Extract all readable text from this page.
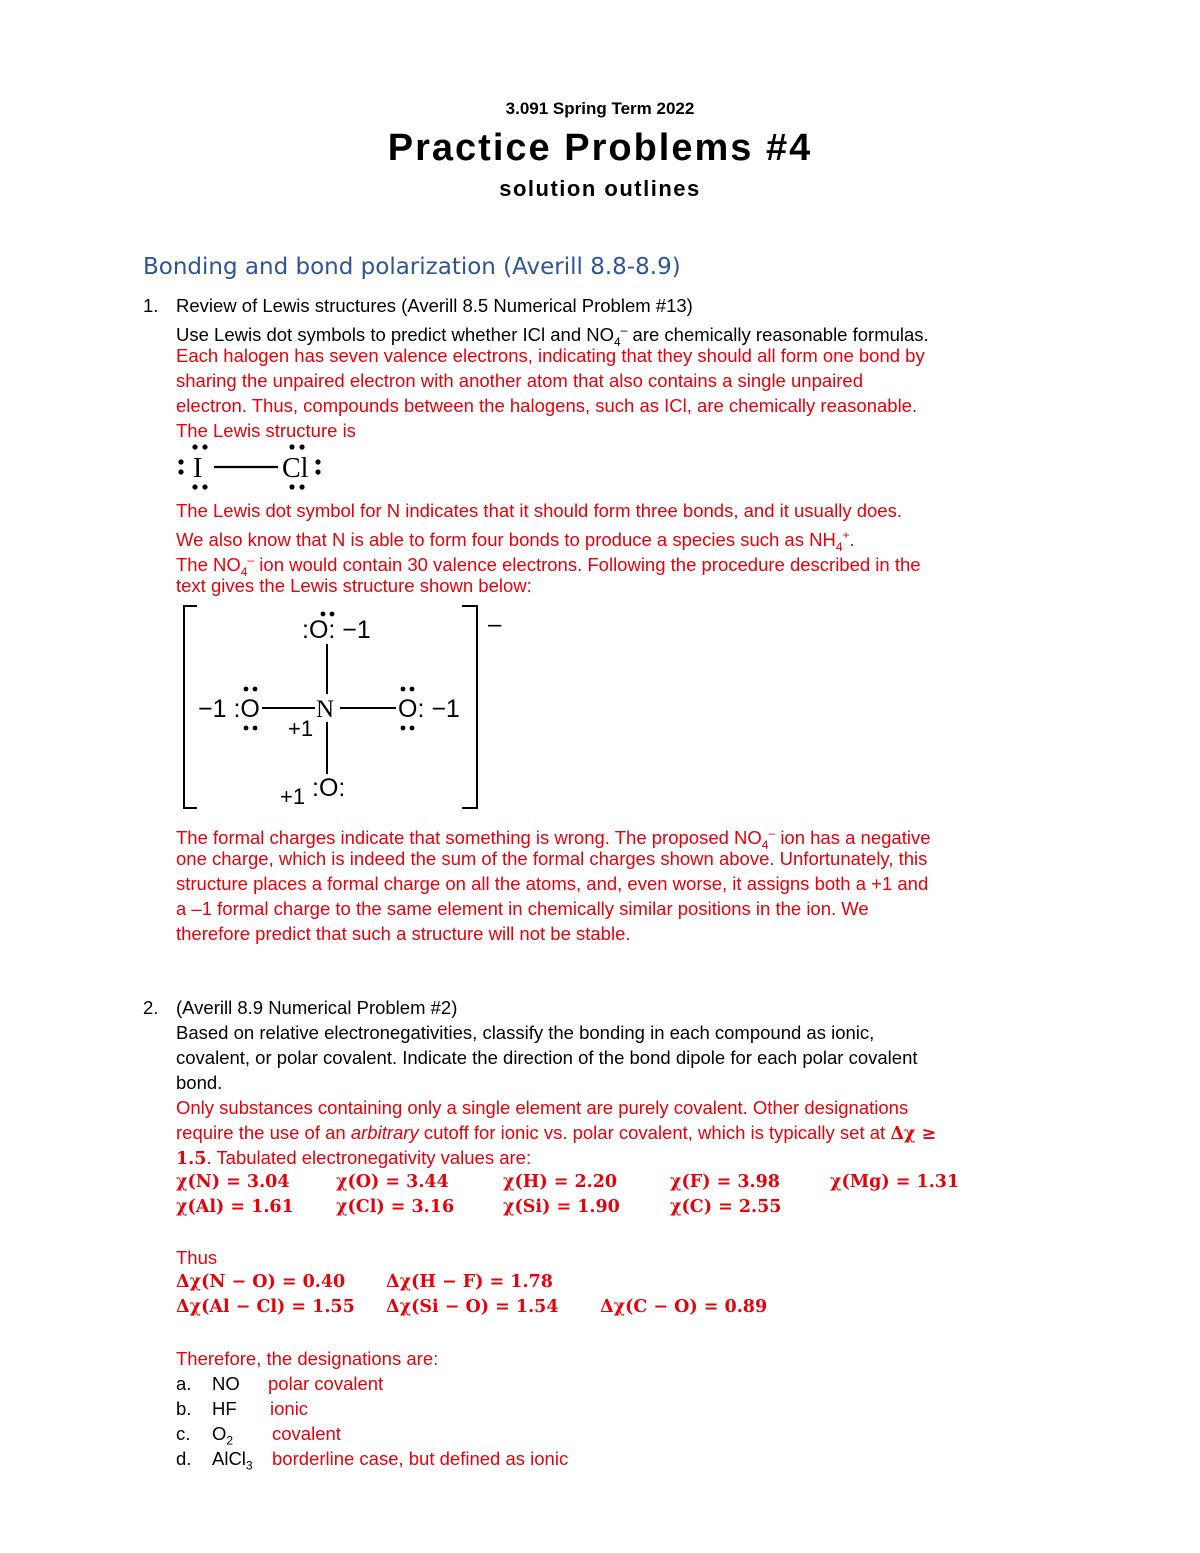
3.091 Spring Term 2022
Practice Problems #4
solution outlines
Bonding and bond polarization (Averill 8.8-8.9)
1. Review of Lewis structures (Averill 8.5 Numerical Problem #13)
Use Lewis dot symbols to predict whether ICl and $NO_4^-$ are chemically reasonable formulas.
Each halogen has seven valence electrons, indicating that they should all form one bond by
sharing the unpaired electron with another atom that also contains a single unpaired
electron. Thus, compounds between the halogens, such as ICl, are chemically reasonable.
The Lewis structure is
I	Cl
The Lewis dot symbol for N indicates that it should form three bonds, and it usually does.
We also know that N is able to form four bonds to produce a species such as $NH_4^+$.
The $NO_4^-$ ion would contain 30 valence electrons. Following the procedure described in the
text gives the Lewis structure shown below:
–
:O: −1
−1 :O N	O: −1
+1
+1 :O:
The formal charges indicate that something is wrong. The proposed $NO_4^-$ ion has a negative
one charge, which is indeed the sum of the formal charges shown above. Unfortunately, this
structure places a formal charge on all the atoms, and, even worse, it assigns both a +1 and
a –1 formal charge to the same element in chemically similar positions in the ion. We
therefore predict that such a structure will not be stable.
2. (Averill 8.9 Numerical Problem #2)
Based on relative electronegativities, classify the bonding in each compound as ionic,
covalent, or polar covalent. Indicate the direction of the bond dipole for each polar covalent
bond.
Only substances containing only a single element are purely covalent. Other designations
require the use of an arbitrary cutoff for ionic vs. polar covalent, which is typically set at Δχ ≥
1.5. Tabulated electronegativity values are:
χ(N) = 3.04	χ(O) = 3.44	χ(H) = 2.20	χ(F) = 3.98	χ(Mg) = 1.31
χ(Al) = 1.61 χ(Cl) = 3.16	χ(Si) = 1.90	χ(C) = 2.55
Thus
Δχ(N − O) = 0.40 Δχ(H − F) = 1.78
Δχ(Al − Cl) = 1.55 Δχ(Si − O) = 1.54 Δχ(C − O) = 0.89
Therefore, the designations are:
a. NO polar covalent
b. HF ionic
c. $O_2$ covalent
d. AlCl$_3$ borderline case, but defined as ionic
